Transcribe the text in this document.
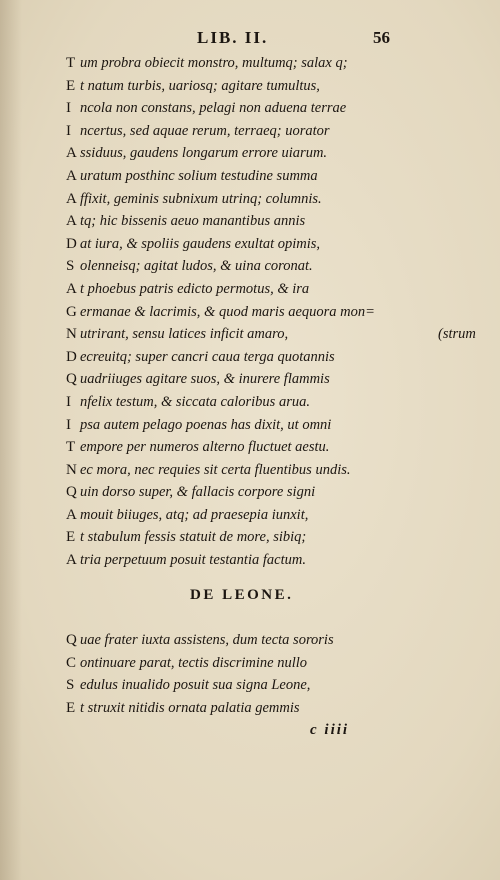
LIB. II.	56
T um probra obiecit monstro, multumq; salax q;
E t natum turbis, uariosq; agitare tumultus,
I ncola non constans, pelagi non aduena terrae
I ncertus, sed aquae rerum, terraeq; uorator
A ssiduus, gaudens longarum errore uiarum.
A uratum posthinc solium testudine summa
A ffixit, geminis subnixum utrinq; columnis.
A tq; hic bissenis aeuo manantibus annis
D at iura, & spoliis gaudens exultat opimis,
S olenneisq; agitat ludos, & uina coronat.
A t phoebus patris edicto permotus, & ira
G ermanae & lacrimis, & quod maris aequora mon=
N utrirant, sensu latices inficit amaro,	(strum
D ecreuitq; super cancri caua terga quotannis
Q uadriiuges agitare suos, & inurere flammis
I nfelix testum, & siccata caloribus arua.
I psa autem pelago poenas has dixit, ut omni
T empore per numeros alterno fluctuet aestu.
N ec mora, nec requies sit certa fluentibus undis.
Q uin dorso super, & fallacis corpore signi
A mouit biiuges, atq; ad praesepia iunxit,
E t stabulum fessis statuit de more, sibiq;
A tria perpetuum posuit testantia factum.
DE LEONE.
Q uae frater iuxta assistens, dum tecta sororis
C ontinuare parat, tectis discrimine nullo
S edulus inualido posuit sua signa Leone,
E t struxit nitidis ornata palatia gemmis
c iiii
